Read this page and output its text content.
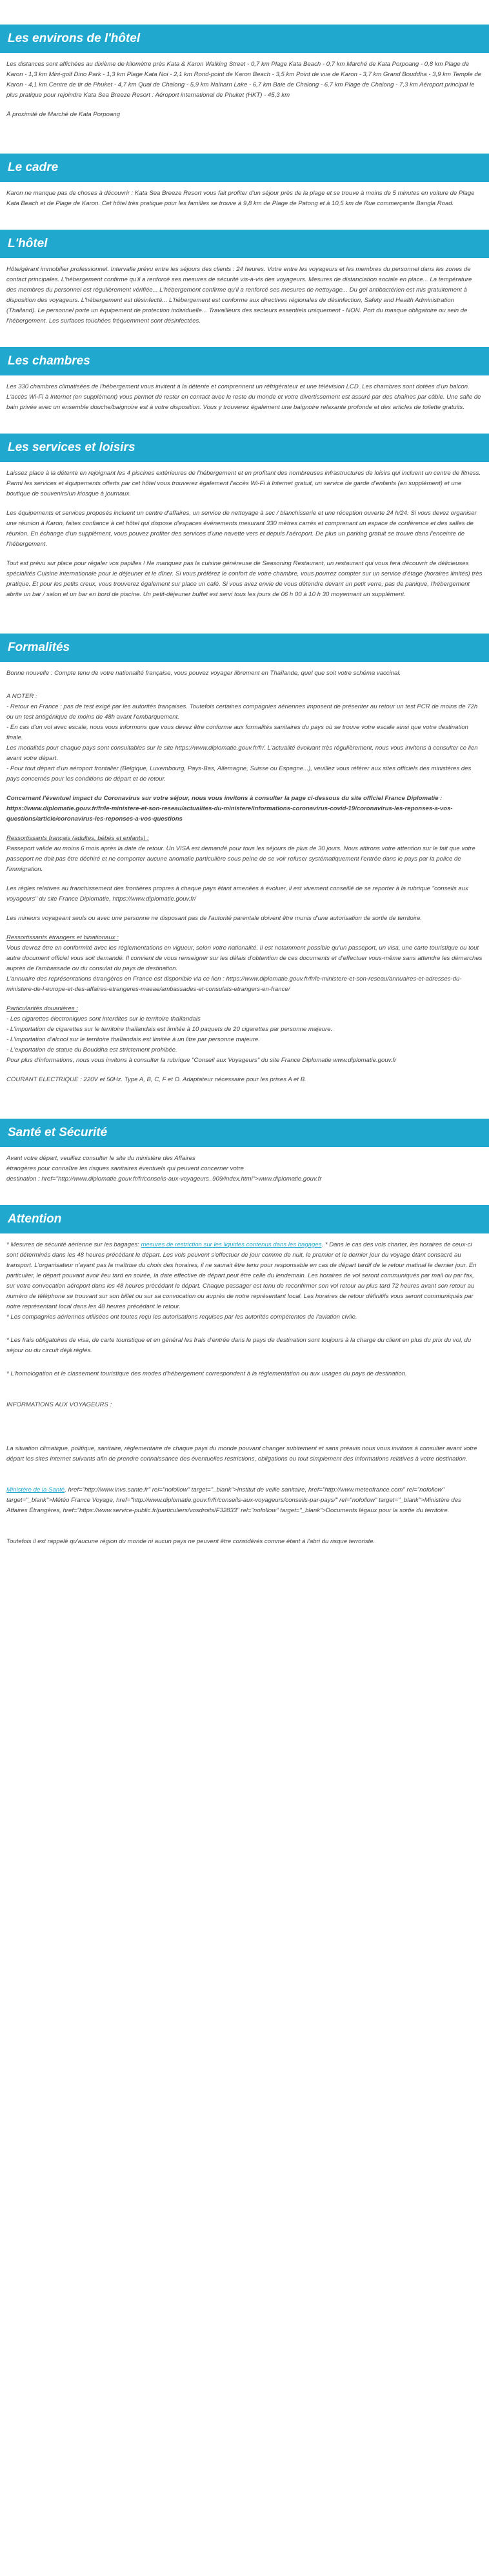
Les environs de l'hôtel

Les distances sont affichées au dixième de kilomètre près Kata & Karon Walking Street - 0,7 km Plage Kata Beach - 0,7 km Marché de Kata Porpoang - 0,8 km Plage de Karon - 1,3 km Mini-golf Dino Park - 1,3 km Plage Kata Noi - 2,1 km Rond-point de Karon Beach - 3,5 km Point de vue de Karon - 3,7 km Grand Bouddha - 3,9 km Temple de Karon - 4,1 km Centre de tir de Phuket - 4,7 km Quai de Chalong - 5,9 km Naiharn Lake - 6,7 km Baie de Chalong - 6,7 km Plage de Chalong - 7,3 km Aéroport principal le plus pratique pour rejoindre Kata Sea Breeze Resort : Aéroport international de Phuket (HKT) - 45,3 km

À proximité de Marché de Kata Porpoang

Le cadre

Karon ne manque pas de choses à découvrir : Kata Sea Breeze Resort vous fait profiter d'un séjour près de la plage et se trouve à moins de 5 minutes en voiture de Plage Kata Beach et de Plage de Karon. Cet hôtel très pratique pour les familles se trouve à 9,8 km de Plage de Patong et à 10,5 km de Rue commerçante Bangla Road.

L'hôtel

Hôte/gérant immobilier professionnel. Intervalle prévu entre les séjours des clients : 24 heures. Votre entre les voyageurs et les membres du personnel dans les zones de contact principales. L'hébergement confirme qu'il a renforcé ses mesures de sécurité vis-à-vis des voyageurs. Mesures de distanciation sociale en place... La température des membres du personnel est régulièrement vérifiée... L'hébergement confirme qu'il a renforcé ses mesures de nettoyage... Du gel antibactérien est mis gratuitement à disposition des voyageurs. L'hébergement est désinfecté... L'hébergement est conforme aux directives régionales de désinfection, Safety and Health Administration (Thailand). Le personnel porte un équipement de protection individuelle... Travailleurs des secteurs essentiels uniquement - NON. Port du masque obligatoire ou sein de l'hébergement. Les surfaces touchées fréquemment sont désinfectées.

Les chambres

Les 330 chambres climatisées de l'hébergement vous invitent à la détente et comprennent un réfrigérateur et une télévision LCD. Les chambres sont dotées d'un balcon. L'accès Wi-Fi à Internet (en supplément) vous permet de rester en contact avec le reste du monde et votre divertissement est assuré par des chaînes par câble. Une salle de bain privée avec un ensemble douche/baignoire est à votre disposition. Vous y trouverez également une baignoire relaxante profonde et des articles de toilette gratuits.

Les services et loisirs

Laissez place à la détente en rejoignant les 4 piscines extérieures de l'hébergement et en profitant des nombreuses infrastructures de loisirs qui incluent un centre de fitness. Parmi les services et équipements offerts par cet hôtel vous trouverez également l'accès Wi-Fi à Internet gratuit, un service de garde d'enfants (en supplément) et une boutique de souvenirs/un kiosque à journaux.

Les équipements et services proposés incluent un centre d'affaires, un service de nettoyage à sec / blanchisserie et une réception ouverte 24 h/24. Si vous devez organiser une réunion à Karon, faites confiance à cet hôtel qui dispose d'espaces événements mesurant 330 mètres carrés et comprenant un espace de conférence et des salles de réunion. En échange d'un supplément, vous pouvez profiter des services d'une navette vers et depuis l'aéroport. De plus un parking gratuit se trouve dans l'enceinte de l'hébergement.

Tout est prévu sur place pour régaler vos papilles ! Ne manquez pas la cuisine généreuse de Seasoning Restaurant, un restaurant qui vous fera découvrir de délicieuses spécialités Cuisine internationale pour le déjeuner et le dîner. Si vous préférez le confort de votre chambre, vous pourrez compter sur un service d'étage (horaires limités) très pratique. Et pour les petits creux, vous trouverez également sur place un café. Si vous avez envie de vous détendre devant un petit verre, pas de panique, l'hébergement abrite un bar / salon et un bar en bord de piscine. Un petit-déjeuner buffet est servi tous les jours de 06 h 00 à 10 h 30 moyennant un supplément.

Formalités

Bonne nouvelle : Compte tenu de votre nationalité française, vous pouvez voyager librement en Thaïlande, quel que soit votre schéma vaccinal.

A NOTER :
- Retour en France : pas de test exigé par les autorités françaises. Toutefois certaines compagnies aériennes imposent de présenter au retour un test PCR de moins de 72h ou un test antigénique de moins de 48h avant l'embarquement.
- En cas d'un vol avec escale, nous vous informons que vous devez être conforme aux formalités sanitaires du pays où se trouve votre escale ainsi que votre destination finale.
Les modalités pour chaque pays sont consultables sur le site https://www.diplomatie.gouv.fr/fr/. L'actualité évoluant très régulièrement, nous vous invitons à consulter ce lien avant votre départ.
- Pour tout départ d'un aéroport frontalier (Belgique, Luxembourg, Pays-Bas, Allemagne, Suisse ou Espagne...), veuillez vous référer aux sites officiels des ministères des pays concernés pour les conditions de départ et de retour.

Concernant l'éventuel impact du Coronavirus sur votre séjour, nous vous invitons à consulter la page ci-dessous du site officiel France Diplomatie : https://www.diplomatie.gouv.fr/fr/le-ministere-et-son-reseau/actualites-du-ministere/informations-coronavirus-covid-19/coronavirus-les-reponses-a-vos-questions/article/coronavirus-les-reponses-a-vos-questions

Ressortissants français (adultes, bébés et enfants) :
Passeport valide au moins 6 mois après la date de retour. Un VISA est demandé pour tous les séjours de plus de 30 jours. Nous attirons votre attention sur le fait que votre passeport ne doit pas être déchiré et ne comporter aucune anomalie particulière sous peine de se voir refuser systématiquement l'entrée dans le pays par la police de l'immigration.

Les règles relatives au franchissement des frontières propres à chaque pays étant amenées à évoluer, il est vivement conseillé de se reporter à la rubrique "conseils aux voyageurs" du site France Diplomatie, https://www.diplomatie.gouv.fr/

Les mineurs voyageant seuls ou avec une personne ne disposant pas de l'autorité parentale doivent être munis d'une autorisation de sortie de territoire.

Ressortissants étrangers et binationaux :
Vous devrez être en conformité avec les réglementations en vigueur, selon votre nationalité. Il est notamment possible qu'un passeport, un visa, une carte touristique ou tout autre document officiel vous soit demandé. Il convient de vous renseigner sur les délais d'obtention de ces documents et d'effectuer vous-même sans attendre les démarches auprès de l'ambassade ou du consulat du pays de destination.
L'annuaire des représentations étrangères en France est disponible via ce lien : https://www.diplomatie.gouv.fr/fr/le-ministere-et-son-reseau/annuaires-et-adresses-du-ministere-de-l-europe-et-des-affaires-etrangeres-maeae/ambassades-et-consulats-etrangers-en-france/

Particularités douanières :
- Les cigarettes électroniques sont interdites sur le territoire thaïlandais
- L'importation de cigarettes sur le territoire thaïlandais est limitée à 10 paquets de 20 cigarettes par personne majeure.
- L'importation d'alcool sur le territoire thaïlandais est limitée à un litre par personne majeure.
- L'exportation de statue du Bouddha est strictement prohibée.
Pour plus d'informations, nous vous invitons à consulter la rubrique "Conseil aux Voyageurs" du site France Diplomatie www.diplomatie.gouv.fr

COURANT ELECTRIQUE : 220V et 50Hz. Type A, B, C, F et O. Adaptateur nécessaire pour les prises A et B.

Santé et Sécurité

Avant votre départ, veuillez consulter le site du ministère des Affaires
étrangères pour connaître les risques sanitaires éventuels qui peuvent concerner votre
destination : href="http://www.diplomatie.gouv.fr/fr/conseils-aux-voyageurs_909/index.html">www.diplomatie.gouv.fr

Attention

* Mesures de sécurité aérienne sur les bagages: mesures de restriction sur les liquides contenus dans les bagages. * Dans le cas des vols charter, les horaires de ceux-ci sont déterminés dans les 48 heures précédant le départ. Les vols peuvent s'effectuer de jour comme de nuit, le premier et le dernier jour du voyage étant consacré au transport. L'organisateur n'ayant pas la maîtrise du choix des horaires, il ne saurait être tenu pour responsable en cas de départ tardif de le retour matinal le dernier jour. En particulier, le départ pouvant avoir lieu tard en soirée, la date effective de départ peut être celle du lendemain. Les horaires de vol seront communiqués par mail ou par fax, sur votre convocation aéroport dans les 48 heures précédant le départ. Chaque passager est tenu de reconfirmer son vol retour au plus tard 72 heures avant son retour au numéro de téléphone se trouvant sur son billet ou sur sa convocation ou auprès de notre représentant local. Les horaires de retour définitifs vous seront communiqués par notre représentant local dans les 48 heures précédant le retour.
* Les compagnies aériennes utilisées ont toutes reçu les autorisations requises par les autorités compétentes de l'aviation civile.

* Les frais obligatoires de visa, de carte touristique et en général les frais d'entrée dans le pays de destination sont toujours à la charge du client en plus du prix du vol, du séjour ou du circuit déjà réglés.

* L'homologation et le classement touristique des modes d'hébergement correspondent à la réglementation ou aux usages du pays de destination.

INFORMATIONS AUX VOYAGEURS :

La situation climatique, politique, sanitaire, réglementaire de chaque pays du monde pouvant changer subitement et sans préavis nous vous invitons à consulter avant votre départ les sites Internet suivants afin de prendre connaissance des éventuelles restrictions, obligations ou tout simplement des informations relatives à votre destination.

Ministère de la Santé, href="http://www.invs.sante.fr" rel="nofollow" target="_blank">Institut de veille sanitaire, href="http://www.meteofrance.com" rel="nofollow" target="_blank">Météo France Voyage, href="http://www.diplomatie.gouv.fr/fr/conseils-aux-voyageurs/conseils-par-pays/" rel="nofollow" target="_blank">Ministère des Affaires Étrangères, href="https://www.service-public.fr/particuliers/vosdroits/F32833" rel="nofollow" target="_blank">Documents légaux pour la sortie du territoire.

Toutefois il est rappelé qu'aucune région du monde ni aucun pays ne peuvent être considérés comme étant à l'abri du risque terroriste.
